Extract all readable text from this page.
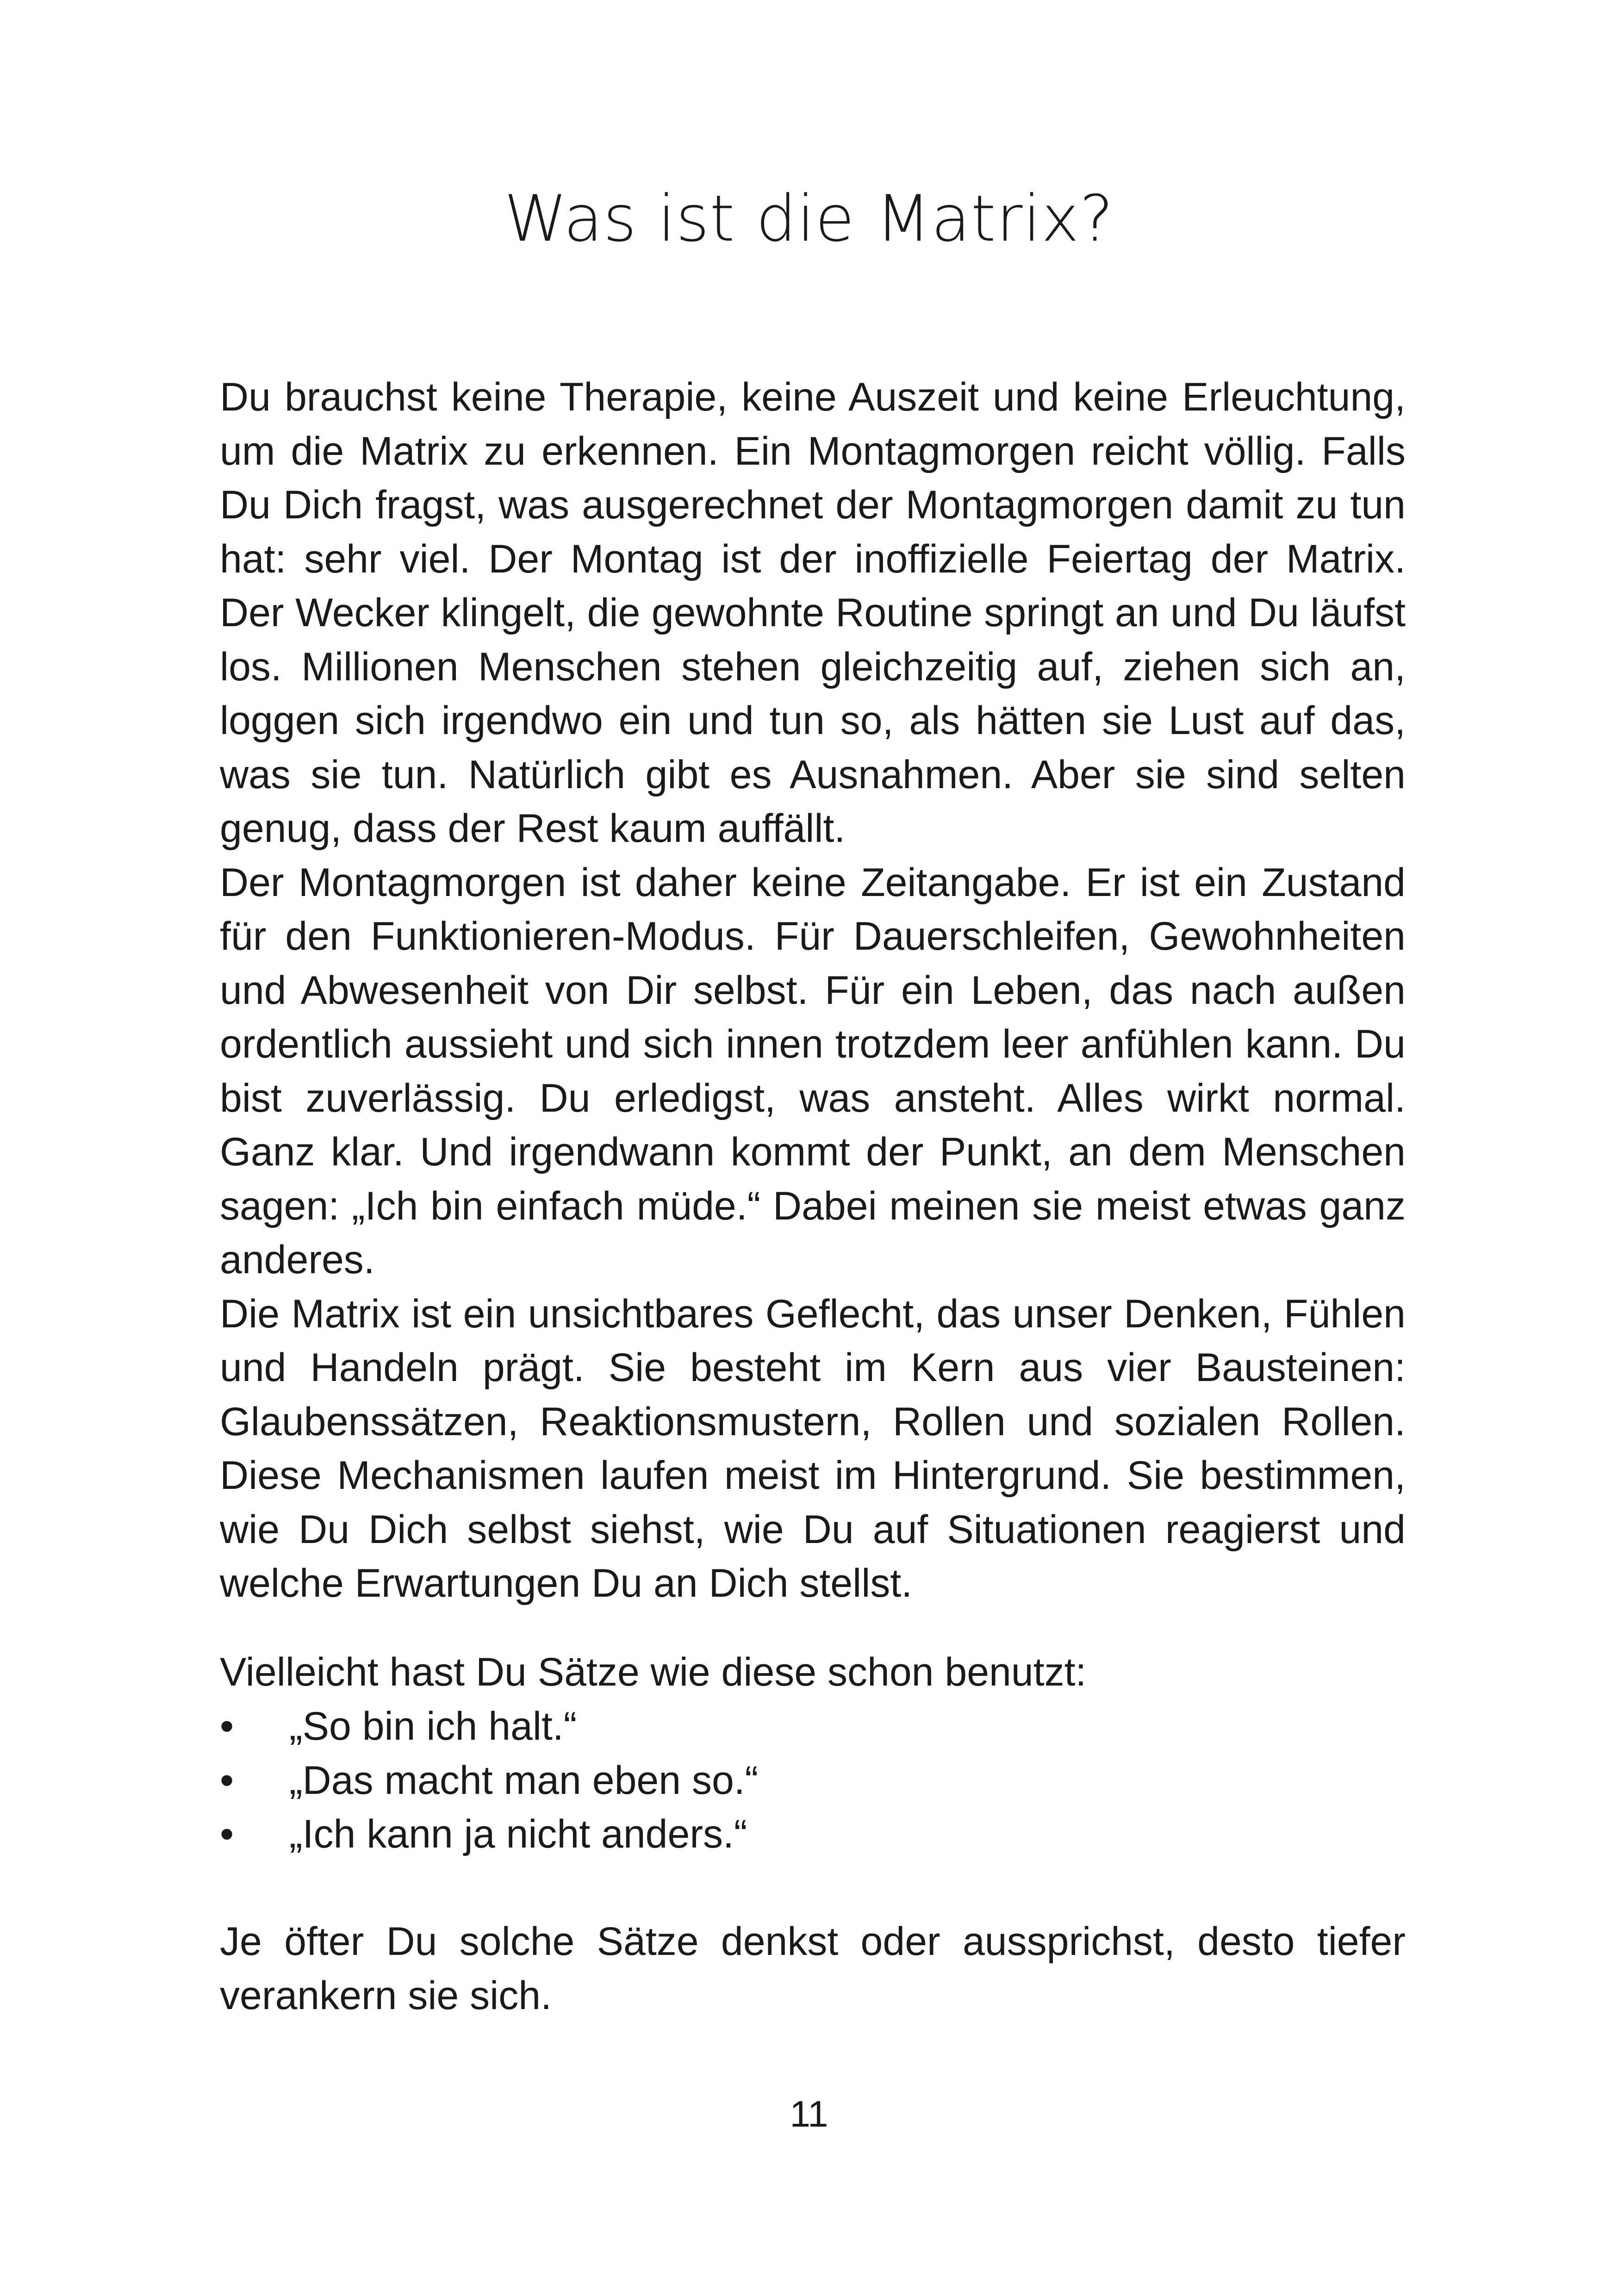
Was ist die Matrix?

Du brauchst keine Therapie, keine Auszeit und keine Erleuchtung, um die Matrix zu erkennen. Ein Montagmorgen reicht völlig. Falls Du Dich fragst, was ausgerechnet der Montagmorgen damit zu tun hat: sehr viel. Der Montag ist der inoffizielle Feiertag der Matrix. Der Wecker klingelt, die gewohnte Routine springt an und Du läufst los. Millionen Menschen stehen gleichzeitig auf, ziehen sich an, loggen sich irgendwo ein und tun so, als hätten sie Lust auf das, was sie tun. Natürlich gibt es Ausnahmen. Aber sie sind selten genug, dass der Rest kaum auffällt.

Der Montagmorgen ist daher keine Zeitangabe. Er ist ein Zustand für den Funktionieren-Modus. Für Dauerschleifen, Gewohnheiten und Abwesenheit von Dir selbst. Für ein Leben, das nach außen ordentlich aussieht und sich innen trotzdem leer anfühlen kann. Du bist zuverlässig. Du erledigst, was ansteht. Alles wirkt normal. Ganz klar. Und irgendwann kommt der Punkt, an dem Menschen sagen: „Ich bin einfach müde.“ Dabei meinen sie meist etwas ganz anderes.

Die Matrix ist ein unsichtbares Geflecht, das unser Denken, Fühlen und Handeln prägt. Sie besteht im Kern aus vier Bausteinen: Glaubenssätzen, Reaktionsmustern, Rollen und sozialen Rollen. Diese Mechanismen laufen meist im Hintergrund. Sie bestimmen, wie Du Dich selbst siehst, wie Du auf Situationen reagierst und welche Erwartungen Du an Dich stellst.

Vielleicht hast Du Sätze wie diese schon benutzt:

• „So bin ich halt.“
• „Das macht man eben so.“
• „Ich kann ja nicht anders.“

Je öfter Du solche Sätze denkst oder aussprichst, desto tiefer verankern sie sich.

11
